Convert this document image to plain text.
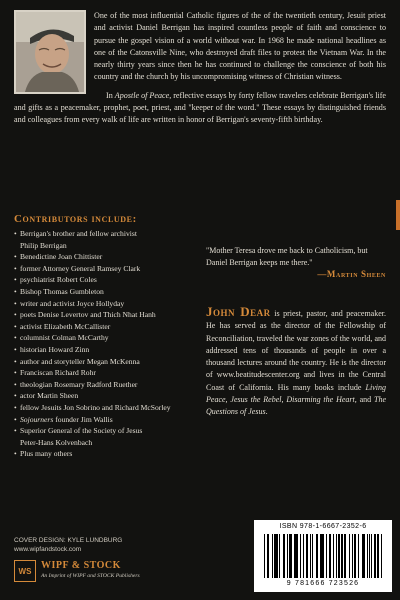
One of the most influential Catholic figures of the of the twentieth century, Jesuit priest and activist Daniel Berrigan has inspired countless people of faith and conscience to pursue the gospel vision of a world without war. In 1968 he made national headlines as one of the Catonsville Nine, who destroyed draft files to protest the Vietnam War. In the nearly thirty years since then he has continued to challenge the conscience of both his country and the church by his uncompromising witness of Christian witness.

In Apostle of Peace, reflective essays by forty fellow travelers celebrate Berrigan's life and gifts as a peacemaker, prophet, poet, priest, and "keeper of the word." These essays by distinguished friends and colleagues from every walk of life are written in honor of Berrigan's seventy-fifth birthday.

Contributors include:
• Berrigan's brother and fellow archivist
Philip Berrigan
• Benedictine Joan Chittister
• former Attorney General Ramsey Clark
• psychiatrist Robert Coles
• Bishop Thomas Gumbleton
• writer and activist Joyce Hollyday
• poets Denise Levertov and Thich Nhat Hanh
• activist Elizabeth McCallister
• columnist Colman McCarthy
• historian Howard Zinn
• author and storyteller Megan McKenna
• Franciscan Richard Rohr
• theologian Rosemary Radford Ruether
• actor Martin Sheen
• fellow Jesuits Jon Sobrino and Richard McSorley
• Sojourners founder Jim Wallis
• Superior General of the Society of Jesus
Peter-Hans Kolvenbach
• Plus many others
"Mother Teresa drove me back to Catholicism, but Daniel Berrigan keeps me there."
—Martin Sheen
John Dear is priest, pastor, and peacemaker. He has served as the director of the Fellowship of Reconciliation, traveled the war zones of the world, and addressed tens of thousands of people in over a thousand lectures around the country. He is the director of www.beatitudescenter.org and lives in the Central Coast of California. His many books include Living Peace, Jesus the Rebel, Disarming the Heart, and The Questions of Jesus.
COVER DESIGN: KYLE LUNDBURG
www.wipfandstock.com
WS WIPF & STOCK
An Imprint of WIPF and STOCK Publishers
ISBN 978-1-6667-2352-6
9 781666 723526
